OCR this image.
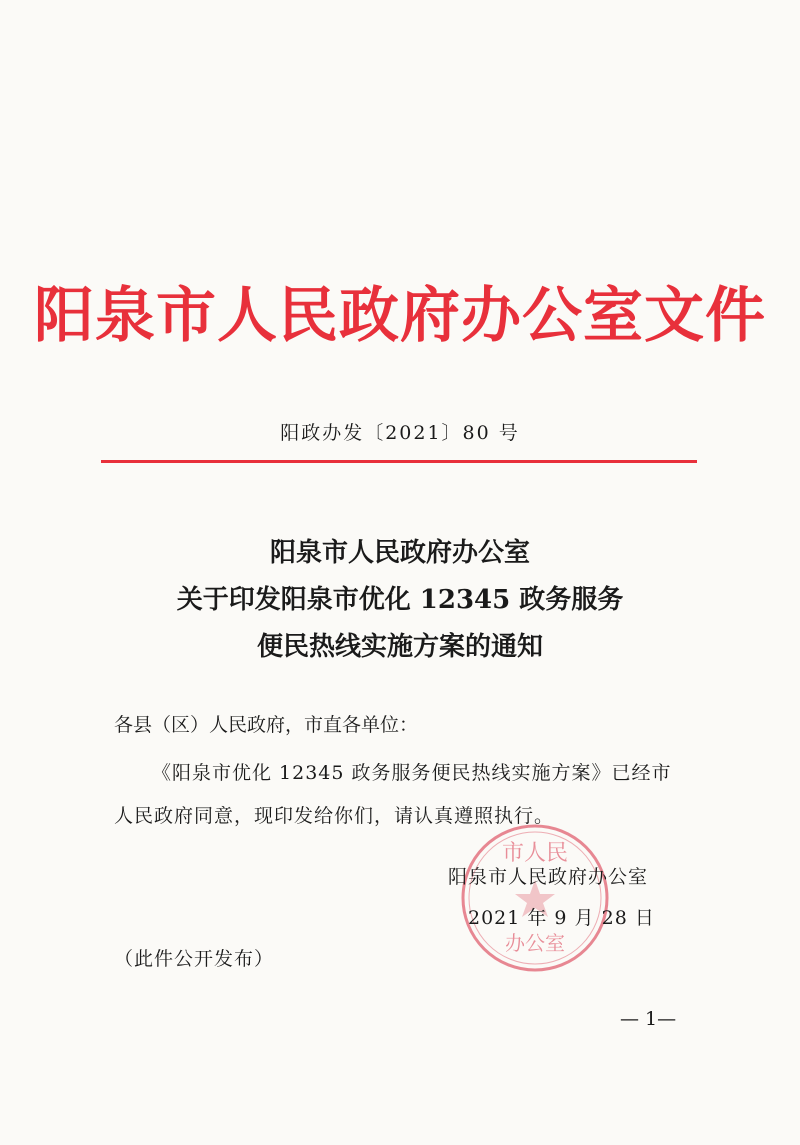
阳泉市人民政府办公室文件
阳政办发〔2021〕80 号
阳泉市人民政府办公室
关于印发阳泉市优化 12345 政务服务
便民热线实施方案的通知
各县（区）人民政府，市直各单位：
《阳泉市优化 12345 政务服务便民热线实施方案》已经市人民政府同意，现印发给你们，请认真遵照执行。
市人民
办公室
阳泉市人民政府办公室
2021 年 9 月 28 日
（此件公开发布）
— 1—
